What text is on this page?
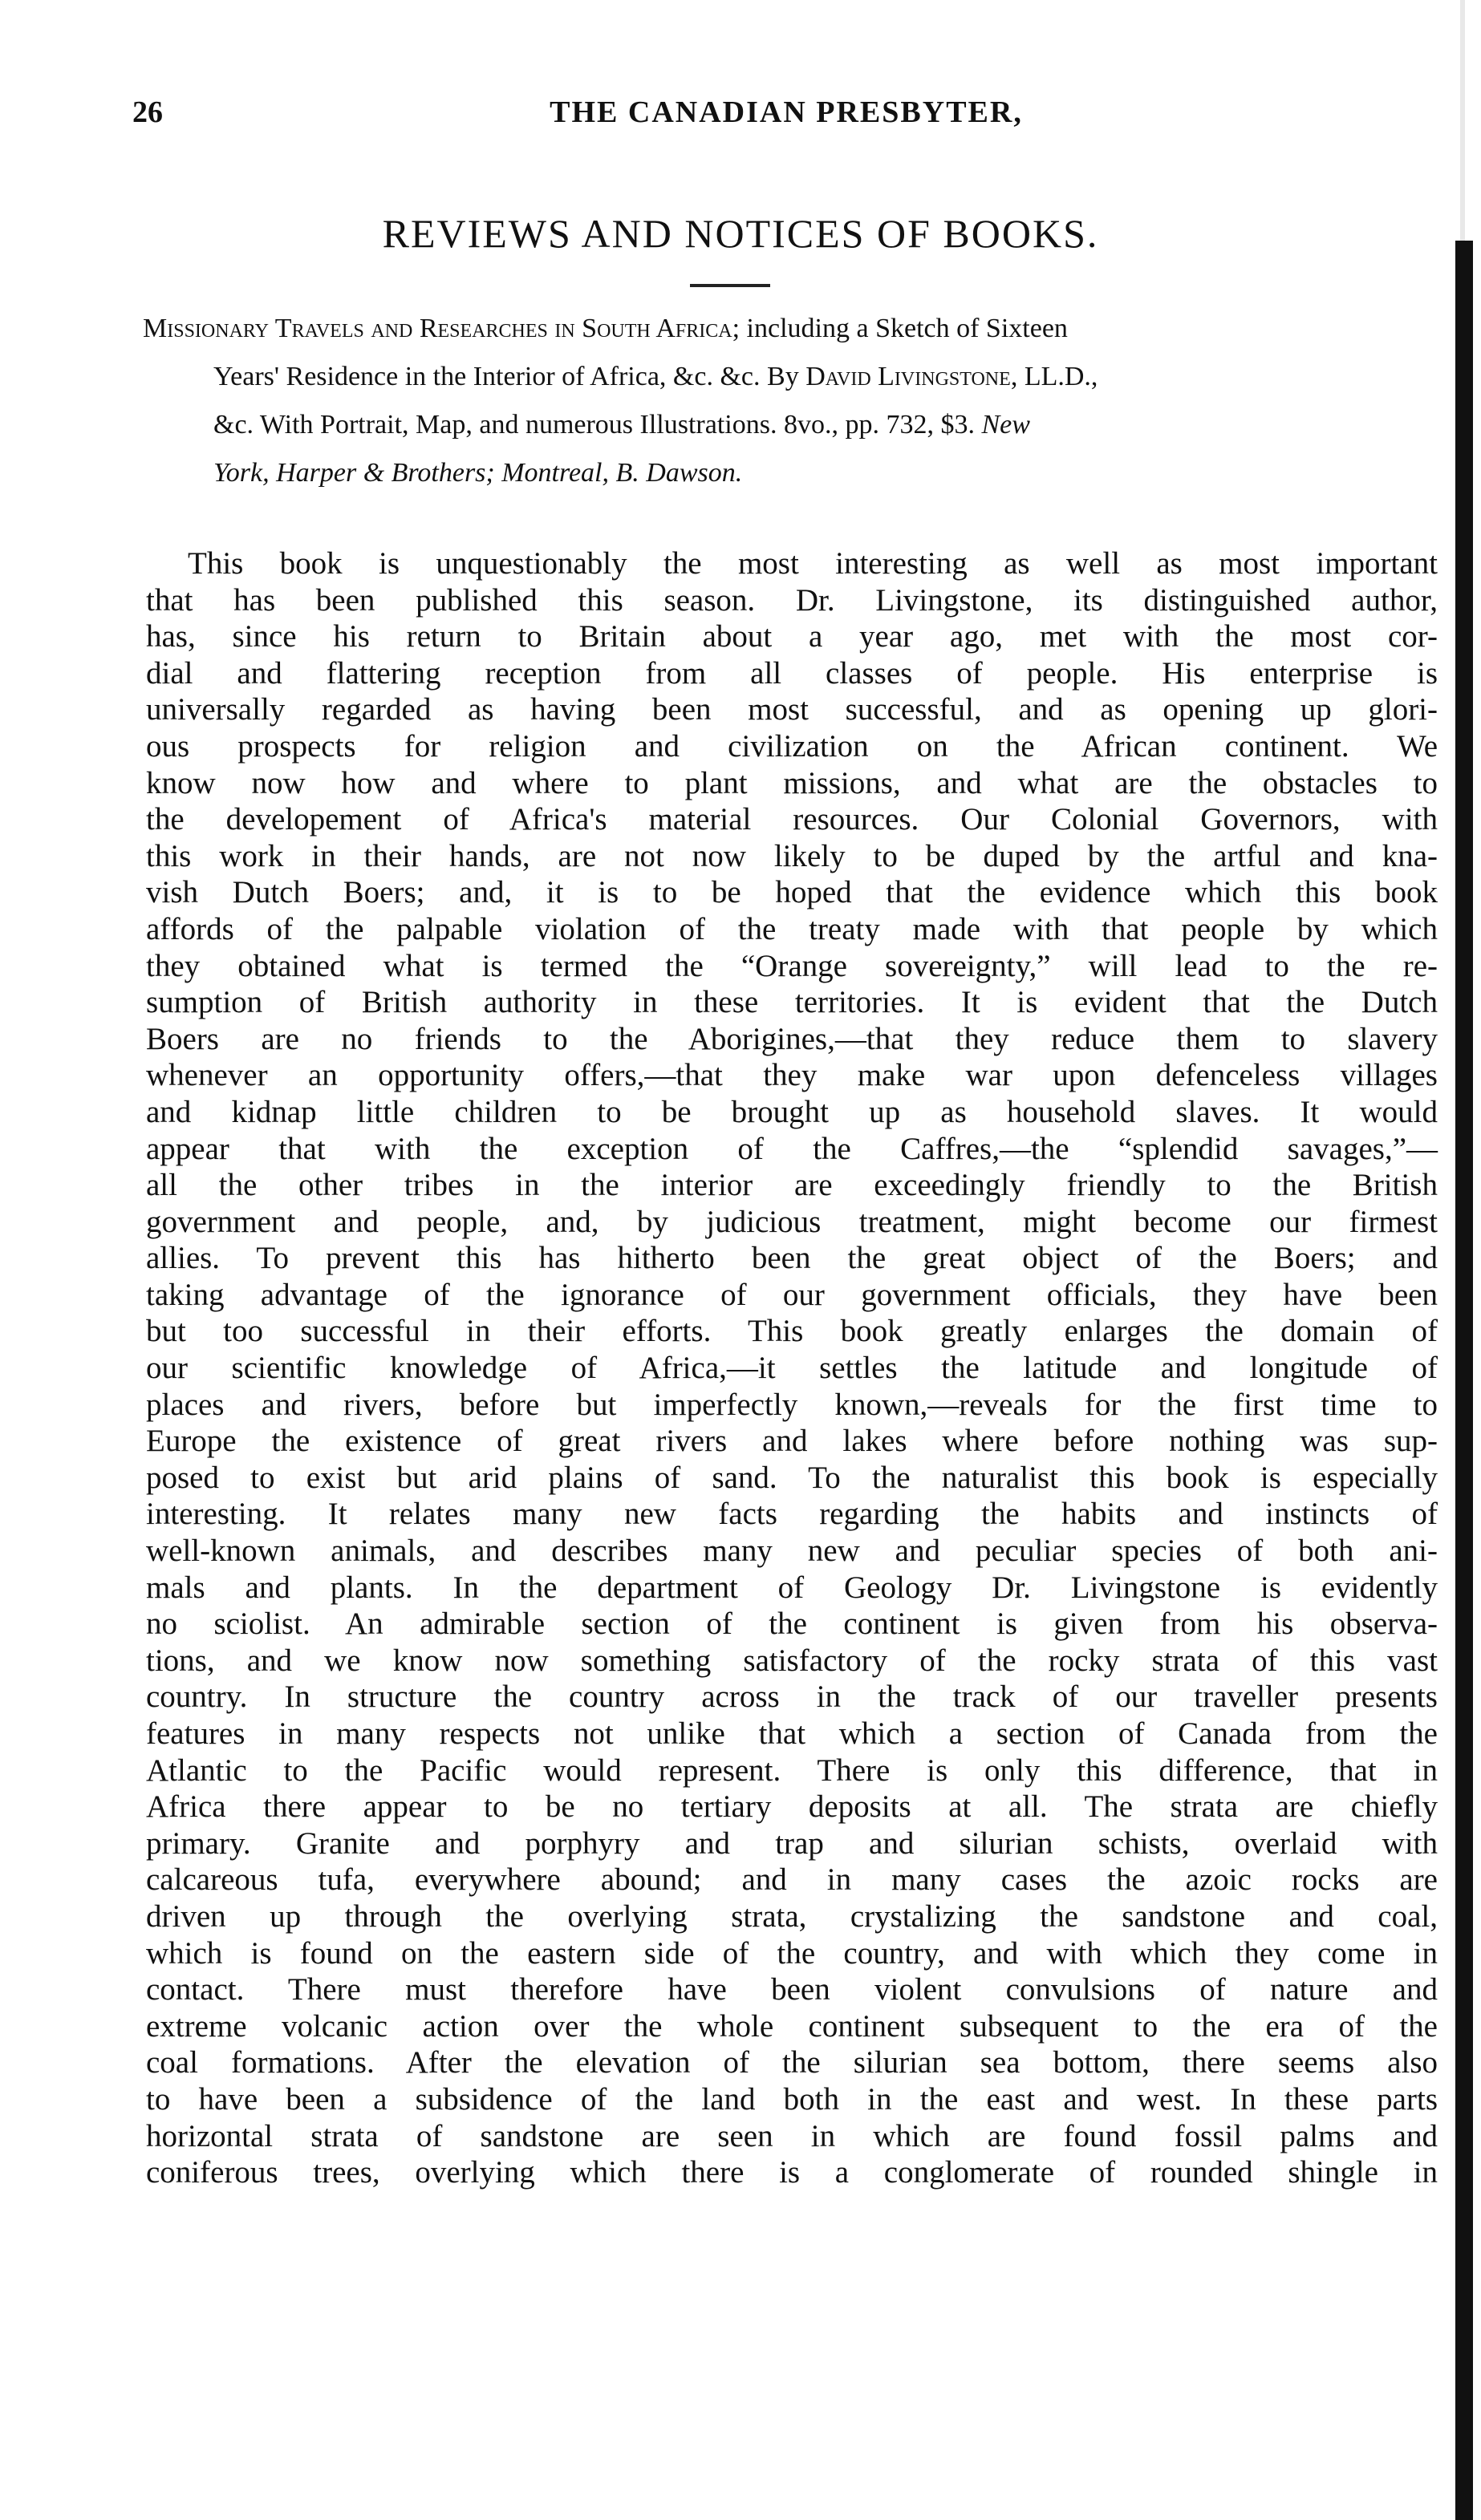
26	THE CANADIAN PRESBYTER,
REVIEWS AND NOTICES OF BOOKS.
Missionary Travels and Researches in South Africa; including a Sketch of Sixteen
Years' Residence in the Interior of Africa, &c. &c. By David Livingstone, LL.D.,
&c. With Portrait, Map, and numerous Illustrations. 8vo., pp. 732, $3. New
York, Harper & Brothers; Montreal, B. Dawson.
This book is unquestionably the most interesting as well as most important
that has been published this season. Dr. Livingstone, its distinguished author,
has, since his return to Britain about a year ago, met with the most cor-
dial and flattering reception from all classes of people. His enterprise is
universally regarded as having been most successful, and as opening up glori-
ous prospects for religion and civilization on the African continent. We
know now how and where to plant missions, and what are the obstacles to
the developement of Africa's material resources. Our Colonial Governors, with
this work in their hands, are not now likely to be duped by the artful and kna-
vish Dutch Boers; and, it is to be hoped that the evidence which this book
affords of the palpable violation of the treaty made with that people by which
they obtained what is termed the “Orange sovereignty,” will lead to the re-
sumption of British authority in these territories. It is evident that the Dutch
Boers are no friends to the Aborigines,—that they reduce them to slavery
whenever an opportunity offers,—that they make war upon defenceless villages
and kidnap little children to be brought up as household slaves. It would
appear that with the exception of the Caffres,—the “splendid savages,”—
all the other tribes in the interior are exceedingly friendly to the British
government and people, and, by judicious treatment, might become our firmest
allies. To prevent this has hitherto been the great object of the Boers; and
taking advantage of the ignorance of our government officials, they have been
but too successful in their efforts. This book greatly enlarges the domain of
our scientific knowledge of Africa,—it settles the latitude and longitude of
places and rivers, before but imperfectly known,—reveals for the first time to
Europe the existence of great rivers and lakes where before nothing was sup-
posed to exist but arid plains of sand. To the naturalist this book is especially
interesting. It relates many new facts regarding the habits and instincts of
well-known animals, and describes many new and peculiar species of both ani-
mals and plants. In the department of Geology Dr. Livingstone is evidently
no sciolist. An admirable section of the continent is given from his observa-
tions, and we know now something satisfactory of the rocky strata of this vast
country. In structure the country across in the track of our traveller presents
features in many respects not unlike that which a section of Canada from the
Atlantic to the Pacific would represent. There is only this difference, that in
Africa there appear to be no tertiary deposits at all. The strata are chiefly
primary. Granite and porphyry and trap and silurian schists, overlaid with
calcareous tufa, everywhere abound; and in many cases the azoic rocks are
driven up through the overlying strata, crystalizing the sandstone and coal,
which is found on the eastern side of the country, and with which they come in
contact. There must therefore have been violent convulsions of nature and
extreme volcanic action over the whole continent subsequent to the era of the
coal formations. After the elevation of the silurian sea bottom, there seems also
to have been a subsidence of the land both in the east and west. In these parts
horizontal strata of sandstone are seen in which are found fossil palms and
coniferous trees, overlying which there is a conglomerate of rounded shingle in
